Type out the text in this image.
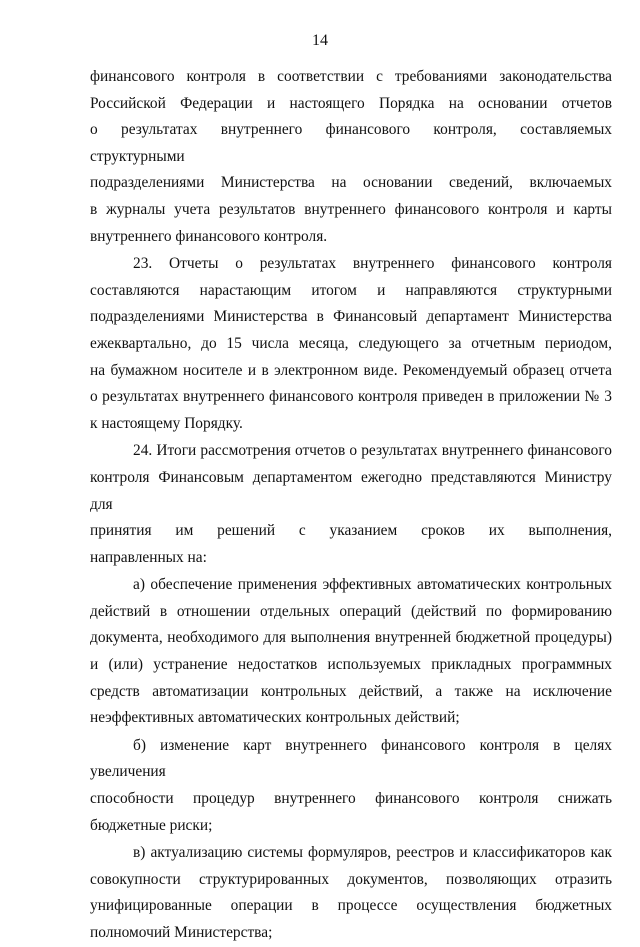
14

финансового контроля в соответствии с требованиями законодательства
Российской Федерации и настоящего Порядка на основании отчетов
о результатах внутреннего финансового контроля, составляемых структурными
подразделениями Министерства на основании сведений, включаемых
в журналы учета результатов внутреннего финансового контроля и карты
внутреннего финансового контроля.

23. Отчеты о результатах внутреннего финансового контроля
составляются нарастающим итогом и направляются структурными
подразделениями Министерства в Финансовый департамент Министерства
ежеквартально, до 15 числа месяца, следующего за отчетным периодом,
на бумажном носителе и в электронном виде. Рекомендуемый образец отчета
о результатах внутреннего финансового контроля приведен в приложении № 3
к настоящему Порядку.

24. Итоги рассмотрения отчетов о результатах внутреннего финансового
контроля Финансовым департаментом ежегодно представляются Министру для
принятия им решений с указанием сроков их выполнения,
направленных на:

а) обеспечение применения эффективных автоматических контрольных
действий в отношении отдельных операций (действий по формированию
документа, необходимого для выполнения внутренней бюджетной процедуры)
и (или) устранение недостатков используемых прикладных программных
средств автоматизации контрольных действий, а также на исключение
неэффективных автоматических контрольных действий;

б) изменение карт внутреннего финансового контроля в целях увеличения
способности процедур внутреннего финансового контроля снижать
бюджетные риски;

в) актуализацию системы формуляров, реестров и классификаторов как
совокупности структурированных документов, позволяющих отразить
унифицированные операции в процессе осуществления бюджетных
полномочий Министерства;
